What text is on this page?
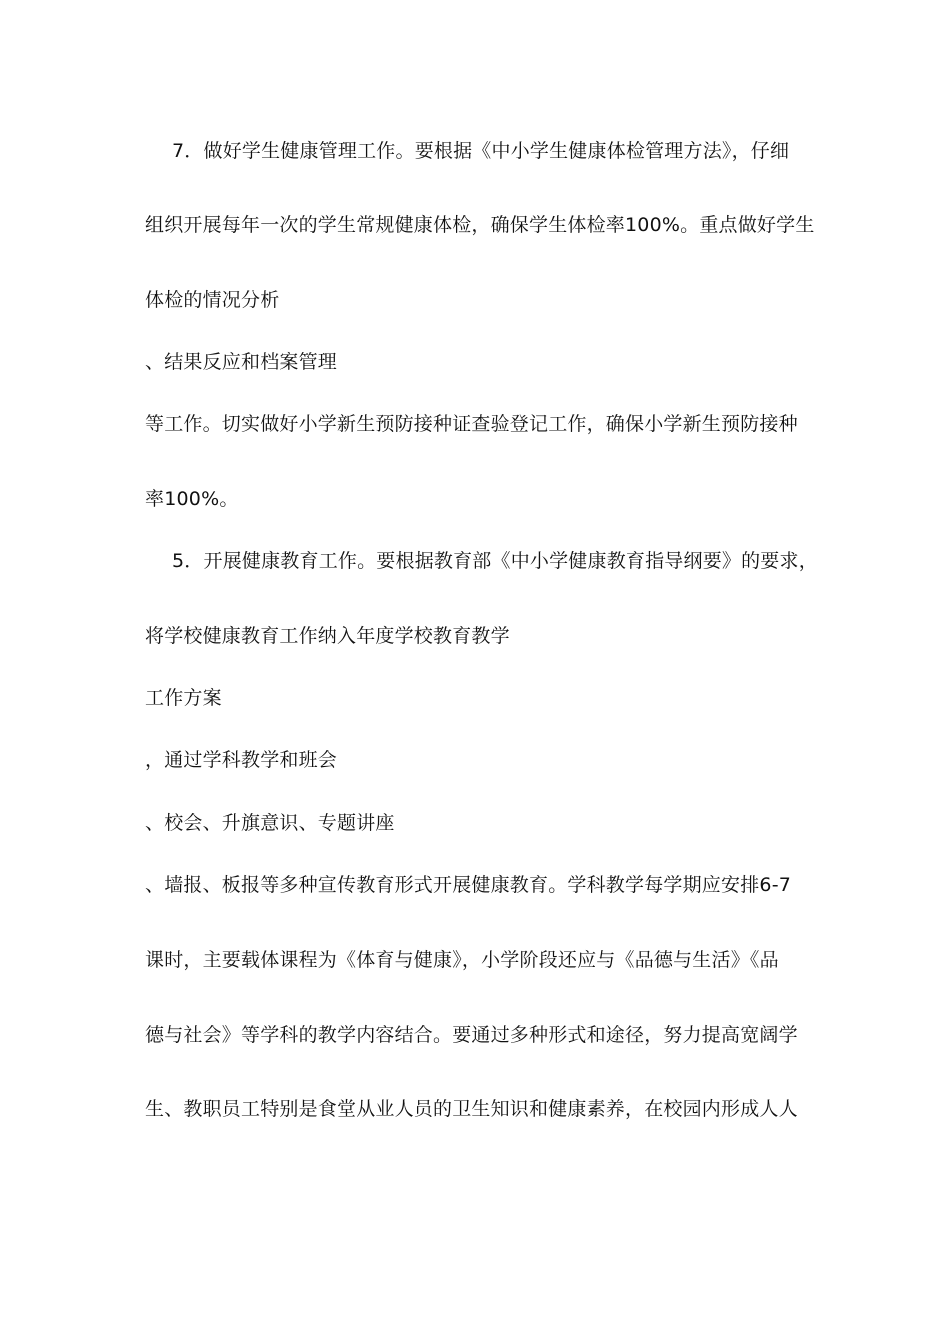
7．做好学生健康管理工作。要根据《中小学生健康体检管理方法》，仔细
组织开展每年一次的学生常规健康体检，确保学生体检率100%。重点做好学生
体检的情况分析
、结果反应和档案管理
等工作。切实做好小学新生预防接种证查验登记工作，确保小学新生预防接种
率100%。
5．开展健康教育工作。要根据教育部《中小学健康教育指导纲要》的要求，
将学校健康教育工作纳入年度学校教育教学
工作方案
，通过学科教学和班会
、校会、升旗意识、专题讲座
、墙报、板报等多种宣传教育形式开展健康教育。学科教学每学期应安排6-7
课时，主要载体课程为《体育与健康》，小学阶段还应与《品德与生活》《品
德与社会》等学科的教学内容结合。要通过多种形式和途径，努力提高宽阔学
生、教职员工特别是食堂从业人员的卫生知识和健康素养，在校园内形成人人
